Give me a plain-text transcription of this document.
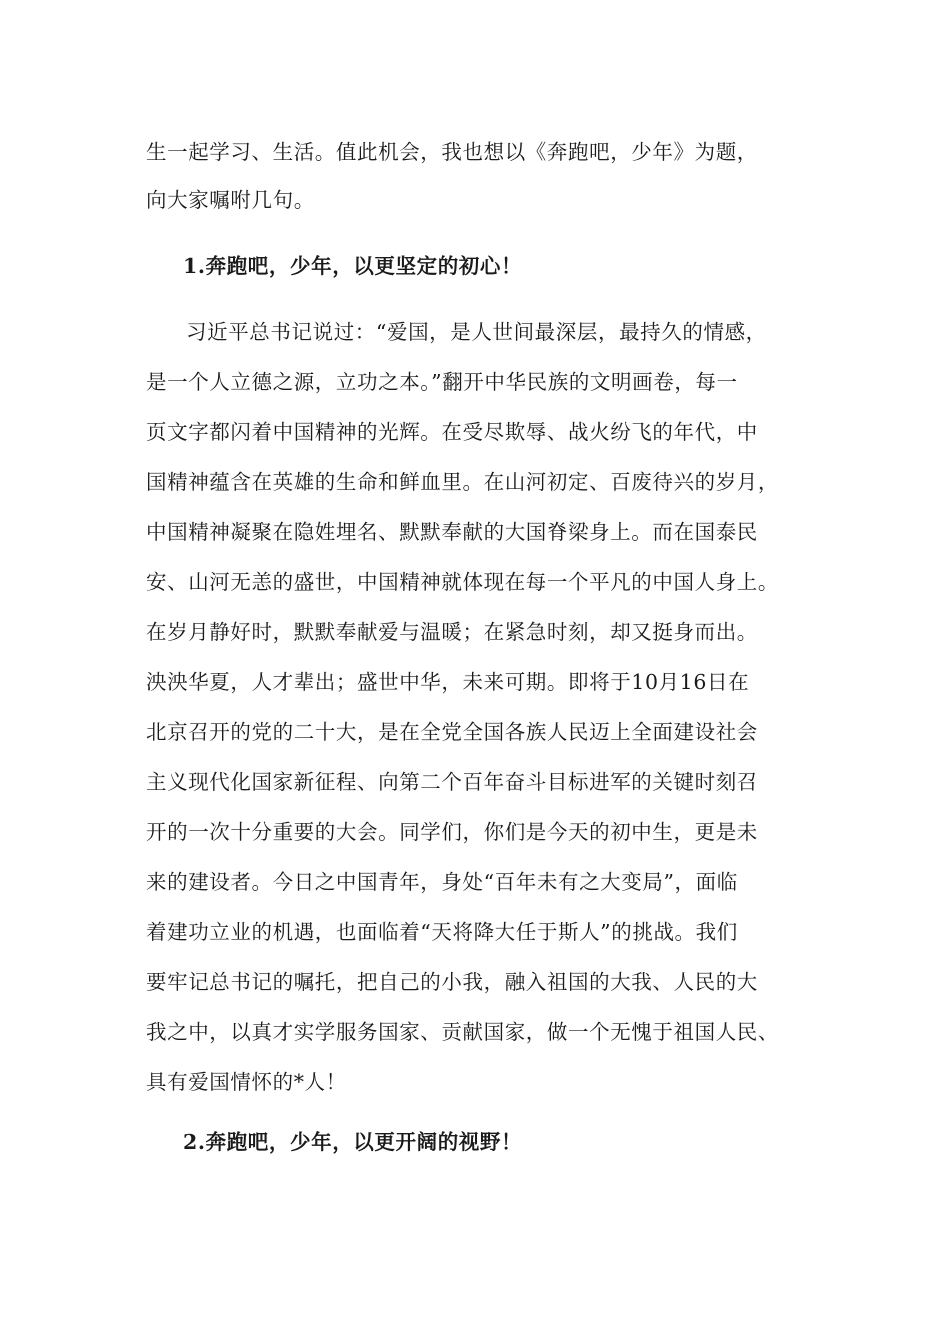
生一起学习、生活。值此机会，我也想以《奔跑吧，少年》为题，
向大家嘱咐几句。
1.奔跑吧，少年，以更坚定的初心！
习近平总书记说过：“爱国，是人世间最深层，最持久的情感，
是一个人立德之源，立功之本。”翻开中华民族的文明画卷，每一
页文字都闪着中国精神的光辉。在受尽欺辱、战火纷飞的年代，中
国精神蕴含在英雄的生命和鲜血里。在山河初定、百废待兴的岁月，
中国精神凝聚在隐姓埋名、默默奉献的大国脊梁身上。而在国泰民
安、山河无恙的盛世，中国精神就体现在每一个平凡的中国人身上。
在岁月静好时，默默奉献爱与温暖；在紧急时刻，却又挺身而出。
泱泱华夏，人才辈出；盛世中华，未来可期。即将于10月16日在
北京召开的党的二十大，是在全党全国各族人民迈上全面建设社会
主义现代化国家新征程、向第二个百年奋斗目标进军的关键时刻召
开的一次十分重要的大会。同学们，你们是今天的初中生，更是未
来的建设者。今日之中国青年，身处“百年未有之大变局”，面临
着建功立业的机遇，也面临着“天将降大任于斯人”的挑战。我们
要牢记总书记的嘱托，把自己的小我，融入祖国的大我、人民的大
我之中，以真才实学服务国家、贡献国家，做一个无愧于祖国人民、
具有爱国情怀的*人！
2.奔跑吧，少年，以更开阔的视野！
